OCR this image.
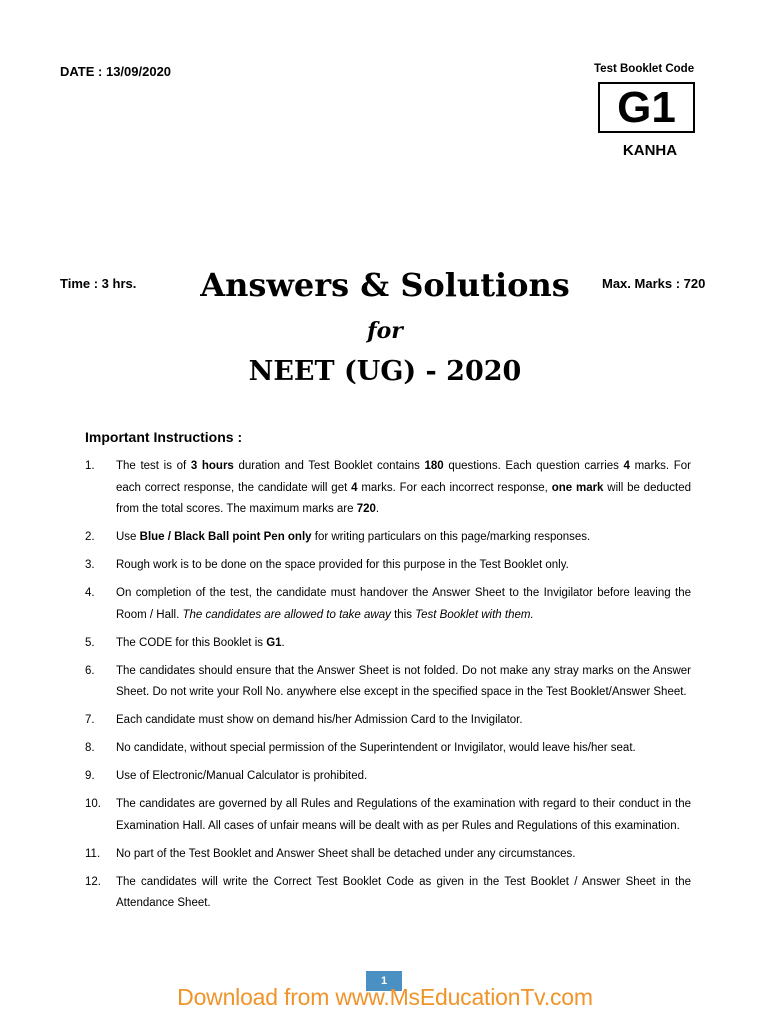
DATE : 13/09/2020	Test Booklet Code
G1
KANHA
Time : 3 hrs.	Answers & Solutions	Max. Marks : 720
for
NEET (UG) - 2020
Important Instructions :
1. The test is of 3 hours duration and Test Booklet contains 180 questions. Each question carries 4 marks. For each correct response, the candidate will get 4 marks. For each incorrect response, one mark will be deducted from the total scores. The maximum marks are 720.
2. Use Blue / Black Ball point Pen only for writing particulars on this page/marking responses.
3. Rough work is to be done on the space provided for this purpose in the Test Booklet only.
4. On completion of the test, the candidate must handover the Answer Sheet to the Invigilator before leaving the Room / Hall. The candidates are allowed to take away this Test Booklet with them.
5. The CODE for this Booklet is G1.
6. The candidates should ensure that the Answer Sheet is not folded. Do not make any stray marks on the Answer Sheet. Do not write your Roll No. anywhere else except in the specified space in the Test Booklet/Answer Sheet.
7. Each candidate must show on demand his/her Admission Card to the Invigilator.
8. No candidate, without special permission of the Superintendent or Invigilator, would leave his/her seat.
9. Use of Electronic/Manual Calculator is prohibited.
10. The candidates are governed by all Rules and Regulations of the examination with regard to their conduct in the Examination Hall. All cases of unfair means will be dealt with as per Rules and Regulations of this examination.
11. No part of the Test Booklet and Answer Sheet shall be detached under any circumstances.
12. The candidates will write the Correct Test Booklet Code as given in the Test Booklet / Answer Sheet in the Attendance Sheet.
1
Download from www.MsEducationTv.com
